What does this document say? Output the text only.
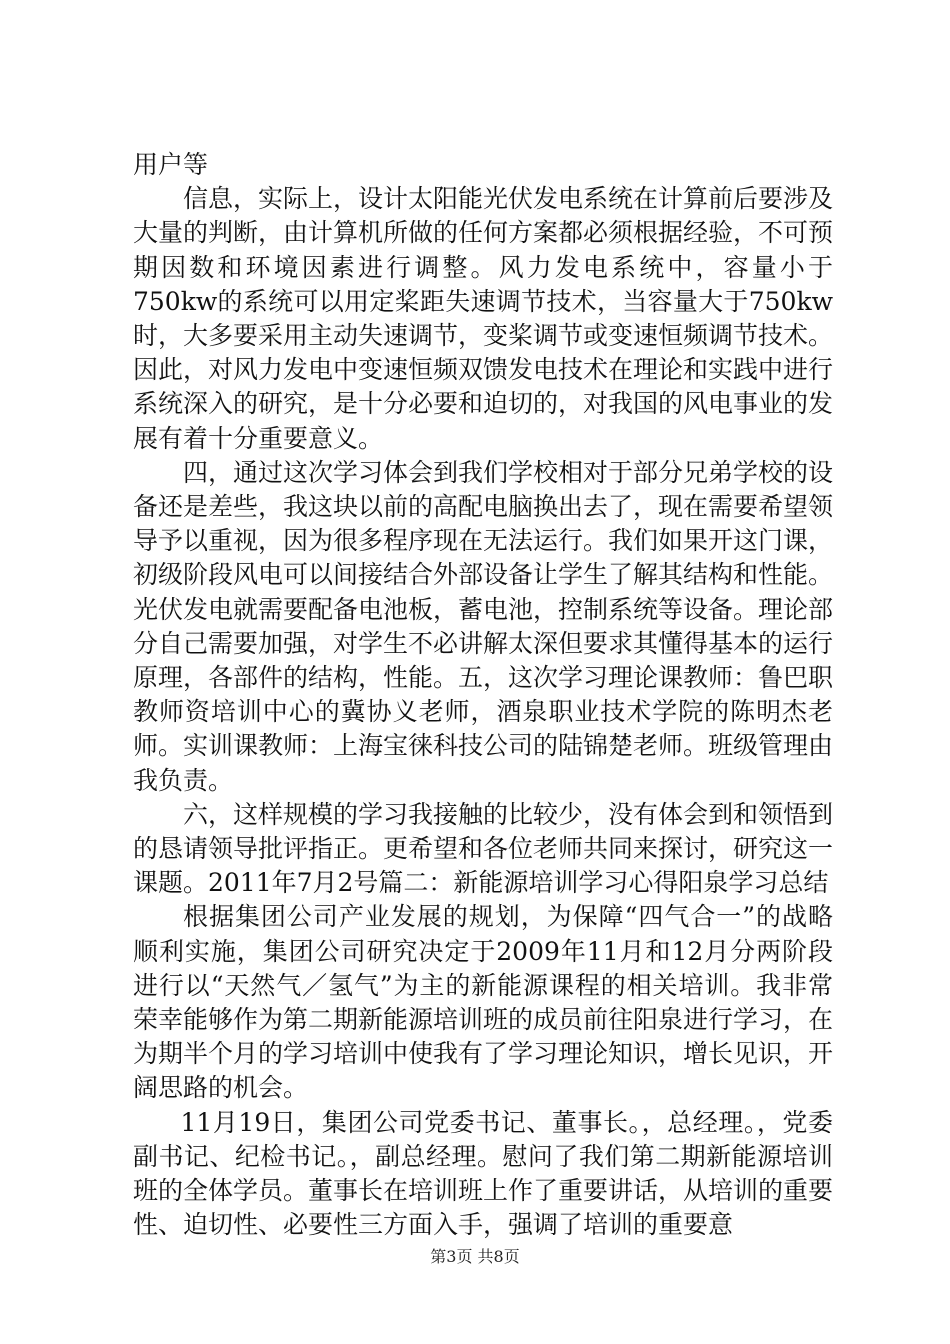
用户等

信息，实际上，设计太阳能光伏发电系统在计算前后要涉及大量的判断，由计算机所做的任何方案都必须根据经验，不可预期因数和环境因素进行调整。风力发电系统中，容量小于750kw的系统可以用定桨距失速调节技术，当容量大于750kw时，大多要采用主动失速调节，变桨调节或变速恒频调节技术。因此，对风力发电中变速恒频双馈发电技术在理论和实践中进行系统深入的研究，是十分必要和迫切的，对我国的风电事业的发展有着十分重要意义。

四，通过这次学习体会到我们学校相对于部分兄弟学校的设备还是差些，我这块以前的高配电脑换出去了，现在需要希望领导予以重视，因为很多程序现在无法运行。我们如果开这门课，初级阶段风电可以间接结合外部设备让学生了解其结构和性能。光伏发电就需要配备电池板，蓄电池，控制系统等设备。理论部分自己需要加强，对学生不必讲解太深但要求其懂得基本的运行原理，各部件的结构，性能。五，这次学习理论课教师：鲁巴职教师资培训中心的冀协义老师，酒泉职业技术学院的陈明杰老师。实训课教师：上海宝徕科技公司的陆锦楚老师。班级管理由我负责。

六，这样规模的学习我接触的比较少，没有体会到和领悟到的恳请领导批评指正。更希望和各位老师共同来探讨，研究这一课题。2011年7月2号篇二：新能源培训学习心得阳泉学习总结

根据集团公司产业发展的规划，为保障“四气合一”的战略顺利实施，集团公司研究决定于2009年11月和12月分两阶段进行以“天然气／氢气”为主的新能源课程的相关培训。我非常荣幸能够作为第二期新能源培训班的成员前往阳泉进行学习，在为期半个月的学习培训中使我有了学习理论知识，增长见识，开阔思路的机会。

11月19日，集团公司党委书记、董事长。，总经理。，党委副书记、纪检书记。，副总经理。慰问了我们第二期新能源培训班的全体学员。董事长在培训班上作了重要讲话，从培训的重要性、迫切性、必要性三方面入手，强调了培训的重要意

第3页 共8页
